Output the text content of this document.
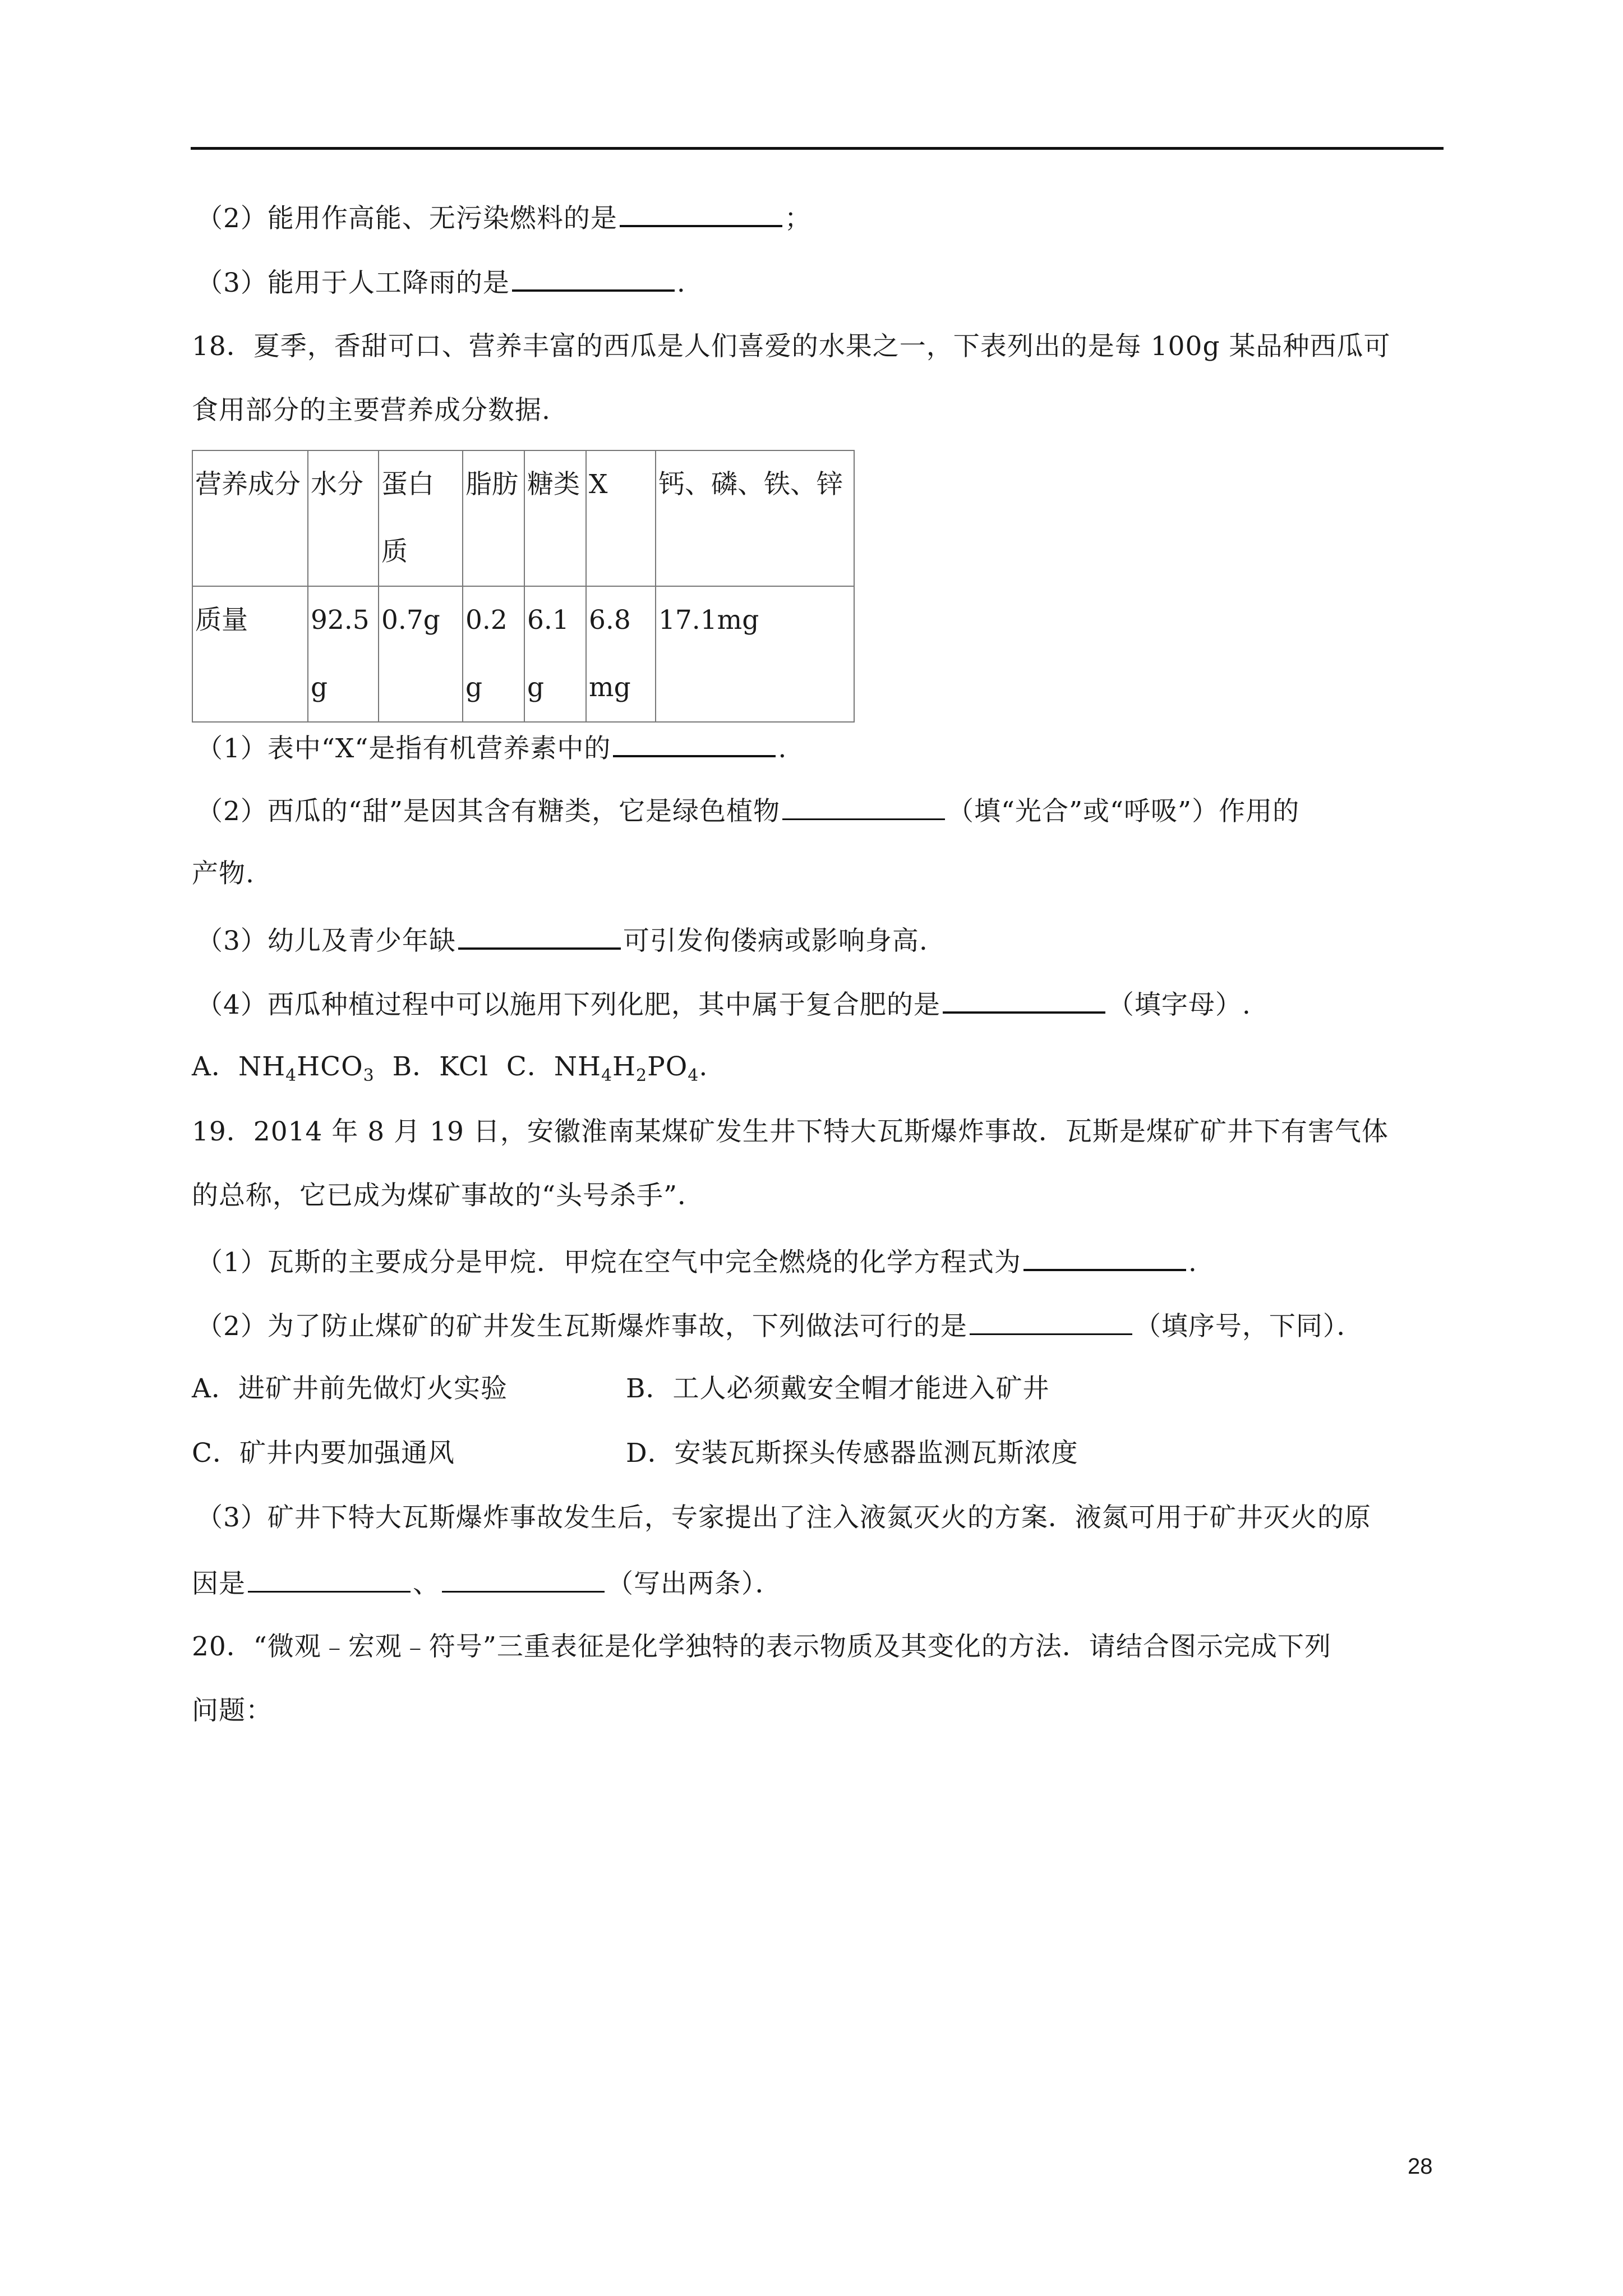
（2）能用作高能、无污染燃料的是	；
（3）能用于人工降雨的是	.
18．夏季，香甜可口、营养丰富的西瓜是人们喜爱的水果之一，下表列出的是每 100g 某品种西瓜可
食用部分的主要营养成分数据.
营养成分	水分	蛋白质	脂肪	糖类	X	钙、磷、铁、锌
质量	92.5g	0.7g	0.2g	6.1g	6.8mg	17.1mg
（1）表中“X“是指有机营养素中的	.
（2）西瓜的“甜”是因其含有糖类，它是绿色植物	（填“光合”或“呼吸”）作用的
产物.
（3）幼儿及青少年缺	可引发佝偻病或影响身高.
（4）西瓜种植过程中可以施用下列化肥，其中属于复合肥的是	（填字母）.
A．$NH_4HCO_3$  B．KCl  C．$NH_4H_2PO_4$.
19．2014 年 8 月 19 日，安徽淮南某煤矿发生井下特大瓦斯爆炸事故．瓦斯是煤矿矿井下有害气体
的总称，它已成为煤矿事故的“头号杀手”．
（1）瓦斯的主要成分是甲烷．甲烷在空气中完全燃烧的化学方程式为	.
（2）为了防止煤矿的矿井发生瓦斯爆炸事故，下列做法可行的是	（填序号，下同）．
A．进矿井前先做灯火实验	B．工人必须戴安全帽才能进入矿井
C．矿井内要加强通风	D．安装瓦斯探头传感器监测瓦斯浓度
（3）矿井下特大瓦斯爆炸事故发生后，专家提出了注入液氮灭火的方案．液氮可用于矿井灭火的原
因是	、	（写出两条）．
20．“微观﹣宏观﹣符号”三重表征是化学独特的表示物质及其变化的方法．请结合图示完成下列
问题：
28
